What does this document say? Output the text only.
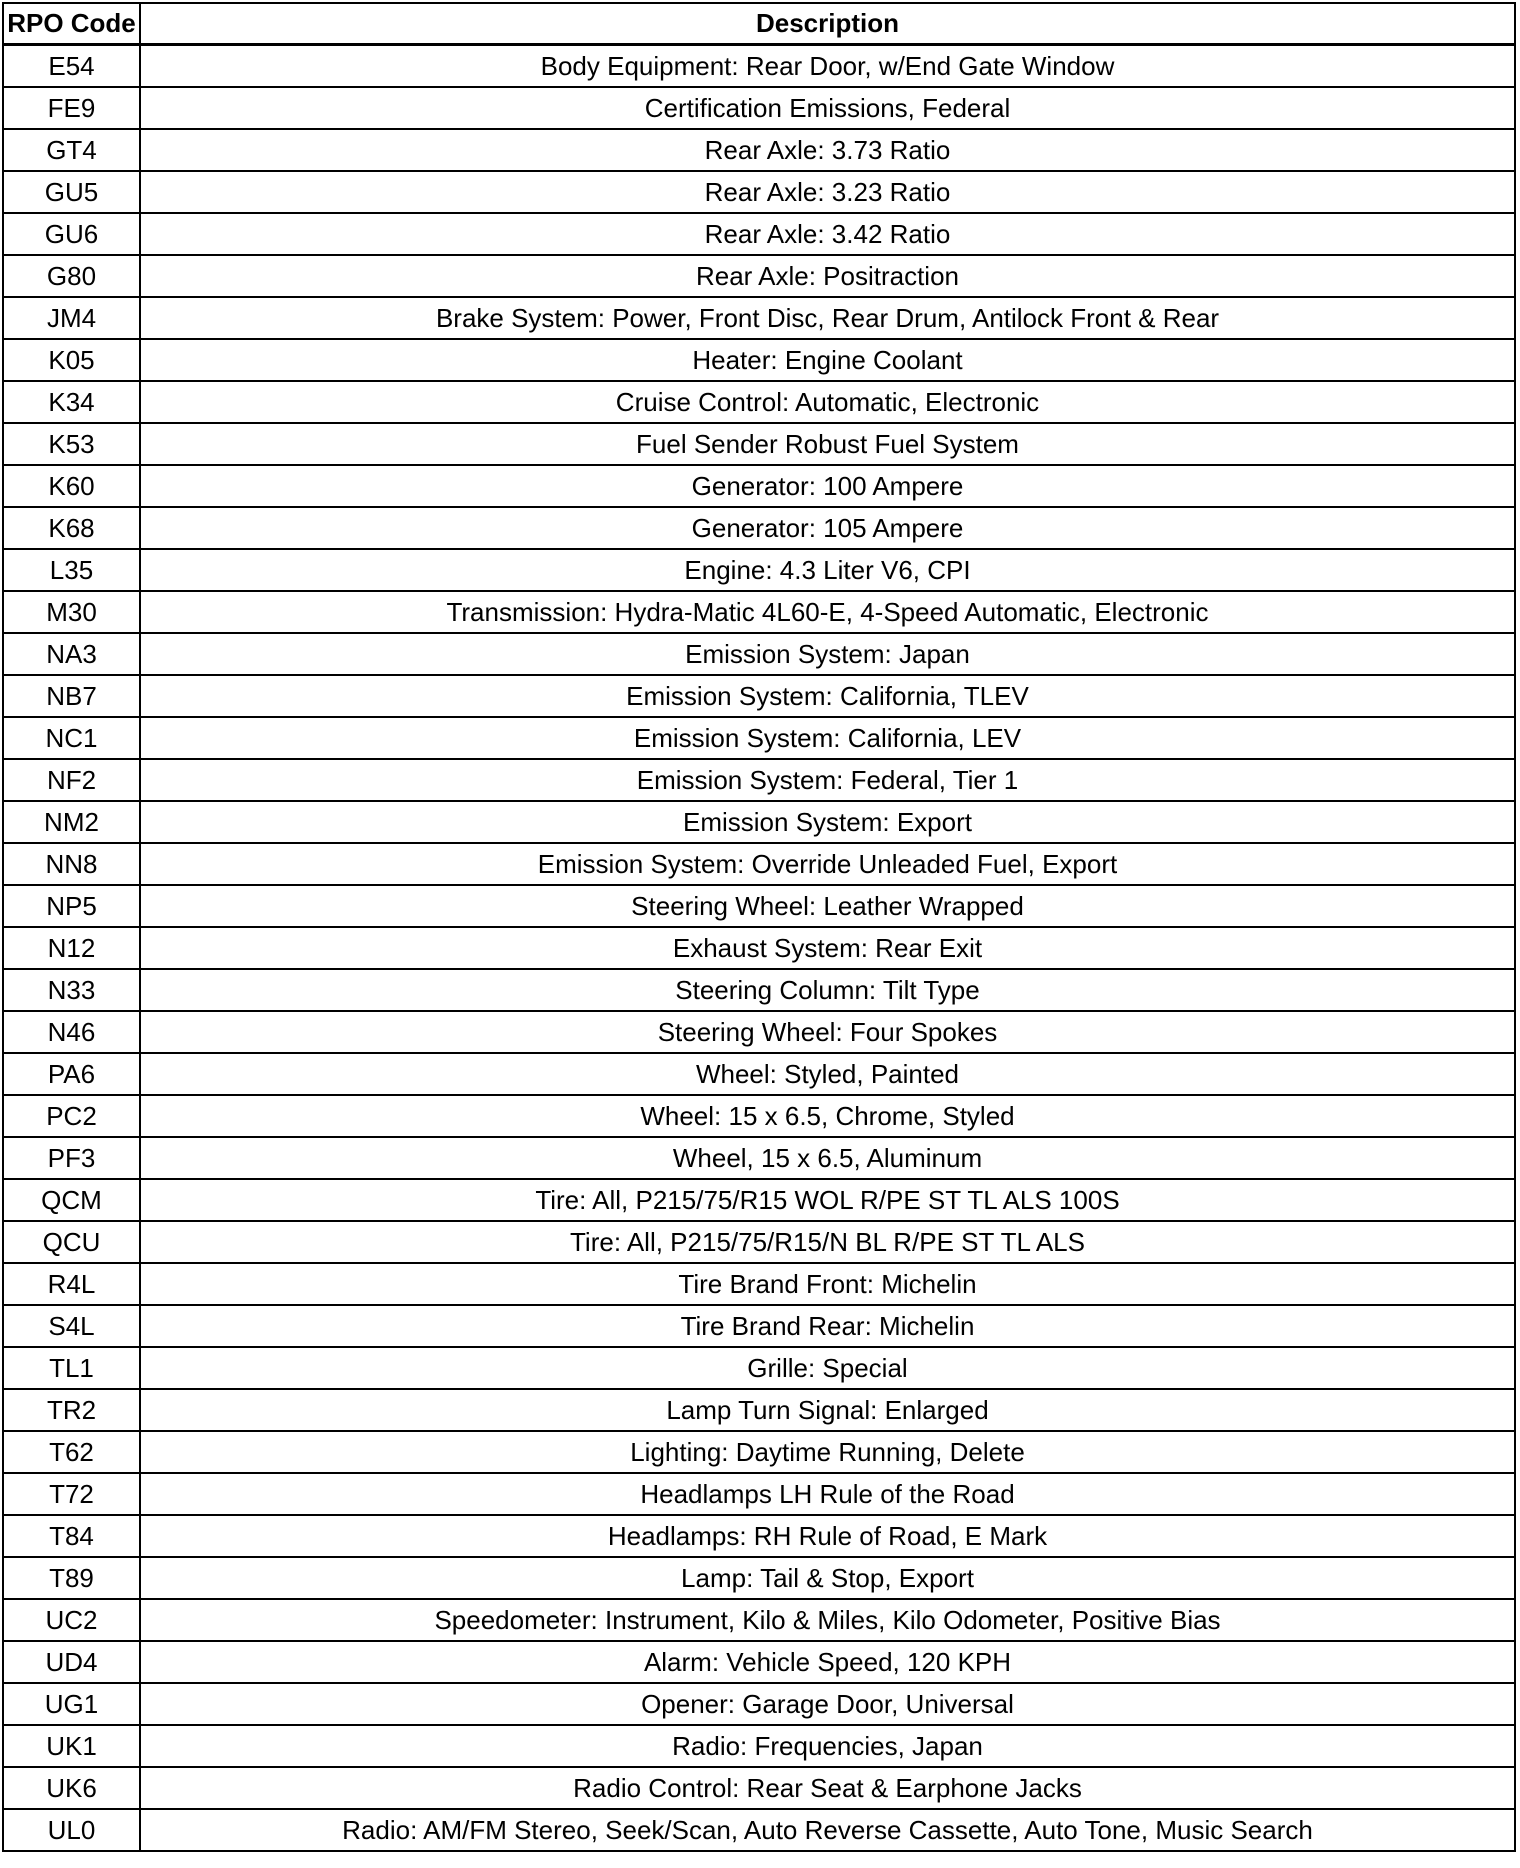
RPO Code	Description
E54	Body Equipment: Rear Door, w/End Gate Window
FE9	Certification Emissions, Federal
GT4	Rear Axle: 3.73 Ratio
GU5	Rear Axle: 3.23 Ratio
GU6	Rear Axle: 3.42 Ratio
G80	Rear Axle: Positraction
JM4	Brake System: Power, Front Disc, Rear Drum, Antilock Front & Rear
K05	Heater: Engine Coolant
K34	Cruise Control: Automatic, Electronic
K53	Fuel Sender Robust Fuel System
K60	Generator: 100 Ampere
K68	Generator: 105 Ampere
L35	Engine: 4.3 Liter V6, CPI
M30	Transmission: Hydra-Matic 4L60-E, 4-Speed Automatic, Electronic
NA3	Emission System: Japan
NB7	Emission System: California, TLEV
NC1	Emission System: California, LEV
NF2	Emission System: Federal, Tier 1
NM2	Emission System: Export
NN8	Emission System: Override Unleaded Fuel, Export
NP5	Steering Wheel: Leather Wrapped
N12	Exhaust System: Rear Exit
N33	Steering Column: Tilt Type
N46	Steering Wheel: Four Spokes
PA6	Wheel: Styled, Painted
PC2	Wheel: 15 x 6.5, Chrome, Styled
PF3	Wheel, 15 x 6.5, Aluminum
QCM	Tire: All, P215/75/R15 WOL R/PE ST TL ALS 100S
QCU	Tire: All, P215/75/R15/N BL R/PE ST TL ALS
R4L	Tire Brand Front: Michelin
S4L	Tire Brand Rear: Michelin
TL1	Grille: Special
TR2	Lamp Turn Signal: Enlarged
T62	Lighting: Daytime Running, Delete
T72	Headlamps LH Rule of the Road
T84	Headlamps: RH Rule of Road, E Mark
T89	Lamp: Tail & Stop, Export
UC2	Speedometer: Instrument, Kilo & Miles, Kilo Odometer, Positive Bias
UD4	Alarm: Vehicle Speed, 120 KPH
UG1	Opener: Garage Door, Universal
UK1	Radio: Frequencies, Japan
UK6	Radio Control: Rear Seat & Earphone Jacks
UL0	Radio: AM/FM Stereo, Seek/Scan, Auto Reverse Cassette, Auto Tone, Music Search
